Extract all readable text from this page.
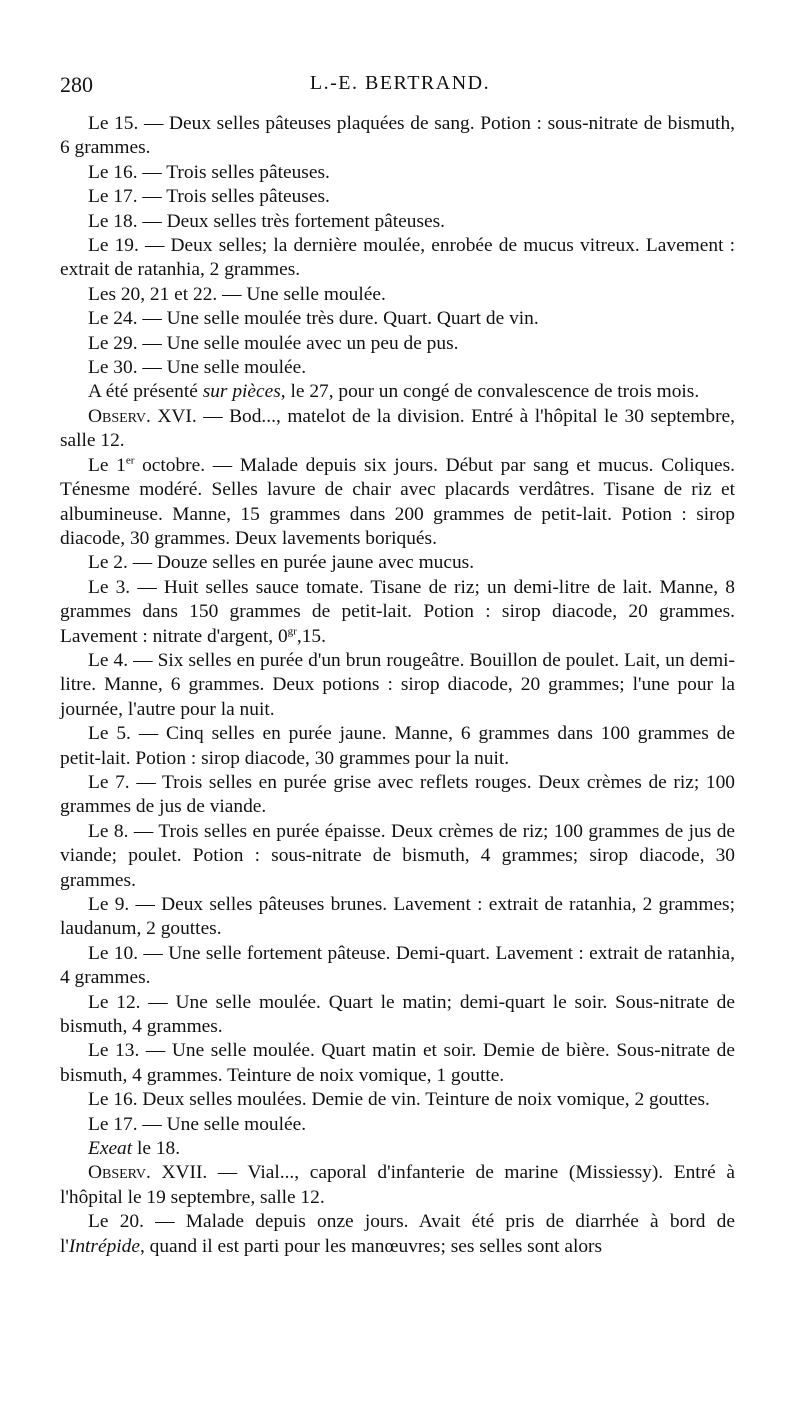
280	L.-E. BERTRAND.

Le 15. — Deux selles pâteuses plaquées de sang. Potion : sous-nitrate de bismuth, 6 grammes.

Le 16. — Trois selles pâteuses.

Le 17. — Trois selles pâteuses.

Le 18. — Deux selles très fortement pâteuses.

Le 19. — Deux selles; la dernière moulée, enrobée de mucus vitreux. Lavement : extrait de ratanhia, 2 grammes.

Les 20, 21 et 22. — Une selle moulée.

Le 24. — Une selle moulée très dure. Quart. Quart de vin.

Le 29. — Une selle moulée avec un peu de pus.

Le 30. — Une selle moulée.

A été présenté sur pièces, le 27, pour un congé de convalescence de trois mois.

Observ. XVI. — Bod..., matelot de la division. Entré à l'hôpital le 30 septembre, salle 12.

Le 1er octobre. — Malade depuis six jours. Début par sang et mucus. Coliques. Ténesme modéré. Selles lavure de chair avec placards verdâtres. Tisane de riz et albumineuse. Manne, 15 grammes dans 200 grammes de petit-lait. Potion : sirop diacode, 30 grammes. Deux lavements boriqués.

Le 2. — Douze selles en purée jaune avec mucus.

Le 3. — Huit selles sauce tomate. Tisane de riz; un demi-litre de lait. Manne, 8 grammes dans 150 grammes de petit-lait. Potion : sirop diacode, 20 grammes. Lavement : nitrate d'argent, $0^{gr},15$.

Le 4. — Six selles en purée d'un brun rougeâtre. Bouillon de poulet. Lait, un demi-litre. Manne, 6 grammes. Deux potions : sirop diacode, 20 grammes; l'une pour la journée, l'autre pour la nuit.

Le 5. — Cinq selles en purée jaune. Manne, 6 grammes dans 100 grammes de petit-lait. Potion : sirop diacode, 30 grammes pour la nuit.

Le 7. — Trois selles en purée grise avec reflets rouges. Deux crèmes de riz; 100 grammes de jus de viande.

Le 8. — Trois selles en purée épaisse. Deux crèmes de riz; 100 grammes de jus de viande; poulet. Potion : sous-nitrate de bismuth, 4 grammes; sirop diacode, 30 grammes.

Le 9. — Deux selles pâteuses brunes. Lavement : extrait de ratanhia, 2 grammes; laudanum, 2 gouttes.

Le 10. — Une selle fortement pâteuse. Demi-quart. Lavement : extrait de ratanhia, 4 grammes.

Le 12. — Une selle moulée. Quart le matin; demi-quart le soir. Sous-nitrate de bismuth, 4 grammes.

Le 13. — Une selle moulée. Quart matin et soir. Demie de bière. Sous-nitrate de bismuth, 4 grammes. Teinture de noix vomique, 1 goutte.

Le 16. Deux selles moulées. Demie de vin. Teinture de noix vomique, 2 gouttes.

Le 17. — Une selle moulée.

Exeat le 18.

Observ. XVII. — Vial..., caporal d'infanterie de marine (Missiessy). Entré à l'hôpital le 19 septembre, salle 12.

Le 20. — Malade depuis onze jours. Avait été pris de diarrhée à bord de l'Intrépide, quand il est parti pour les manœuvres; ses selles sont alors
